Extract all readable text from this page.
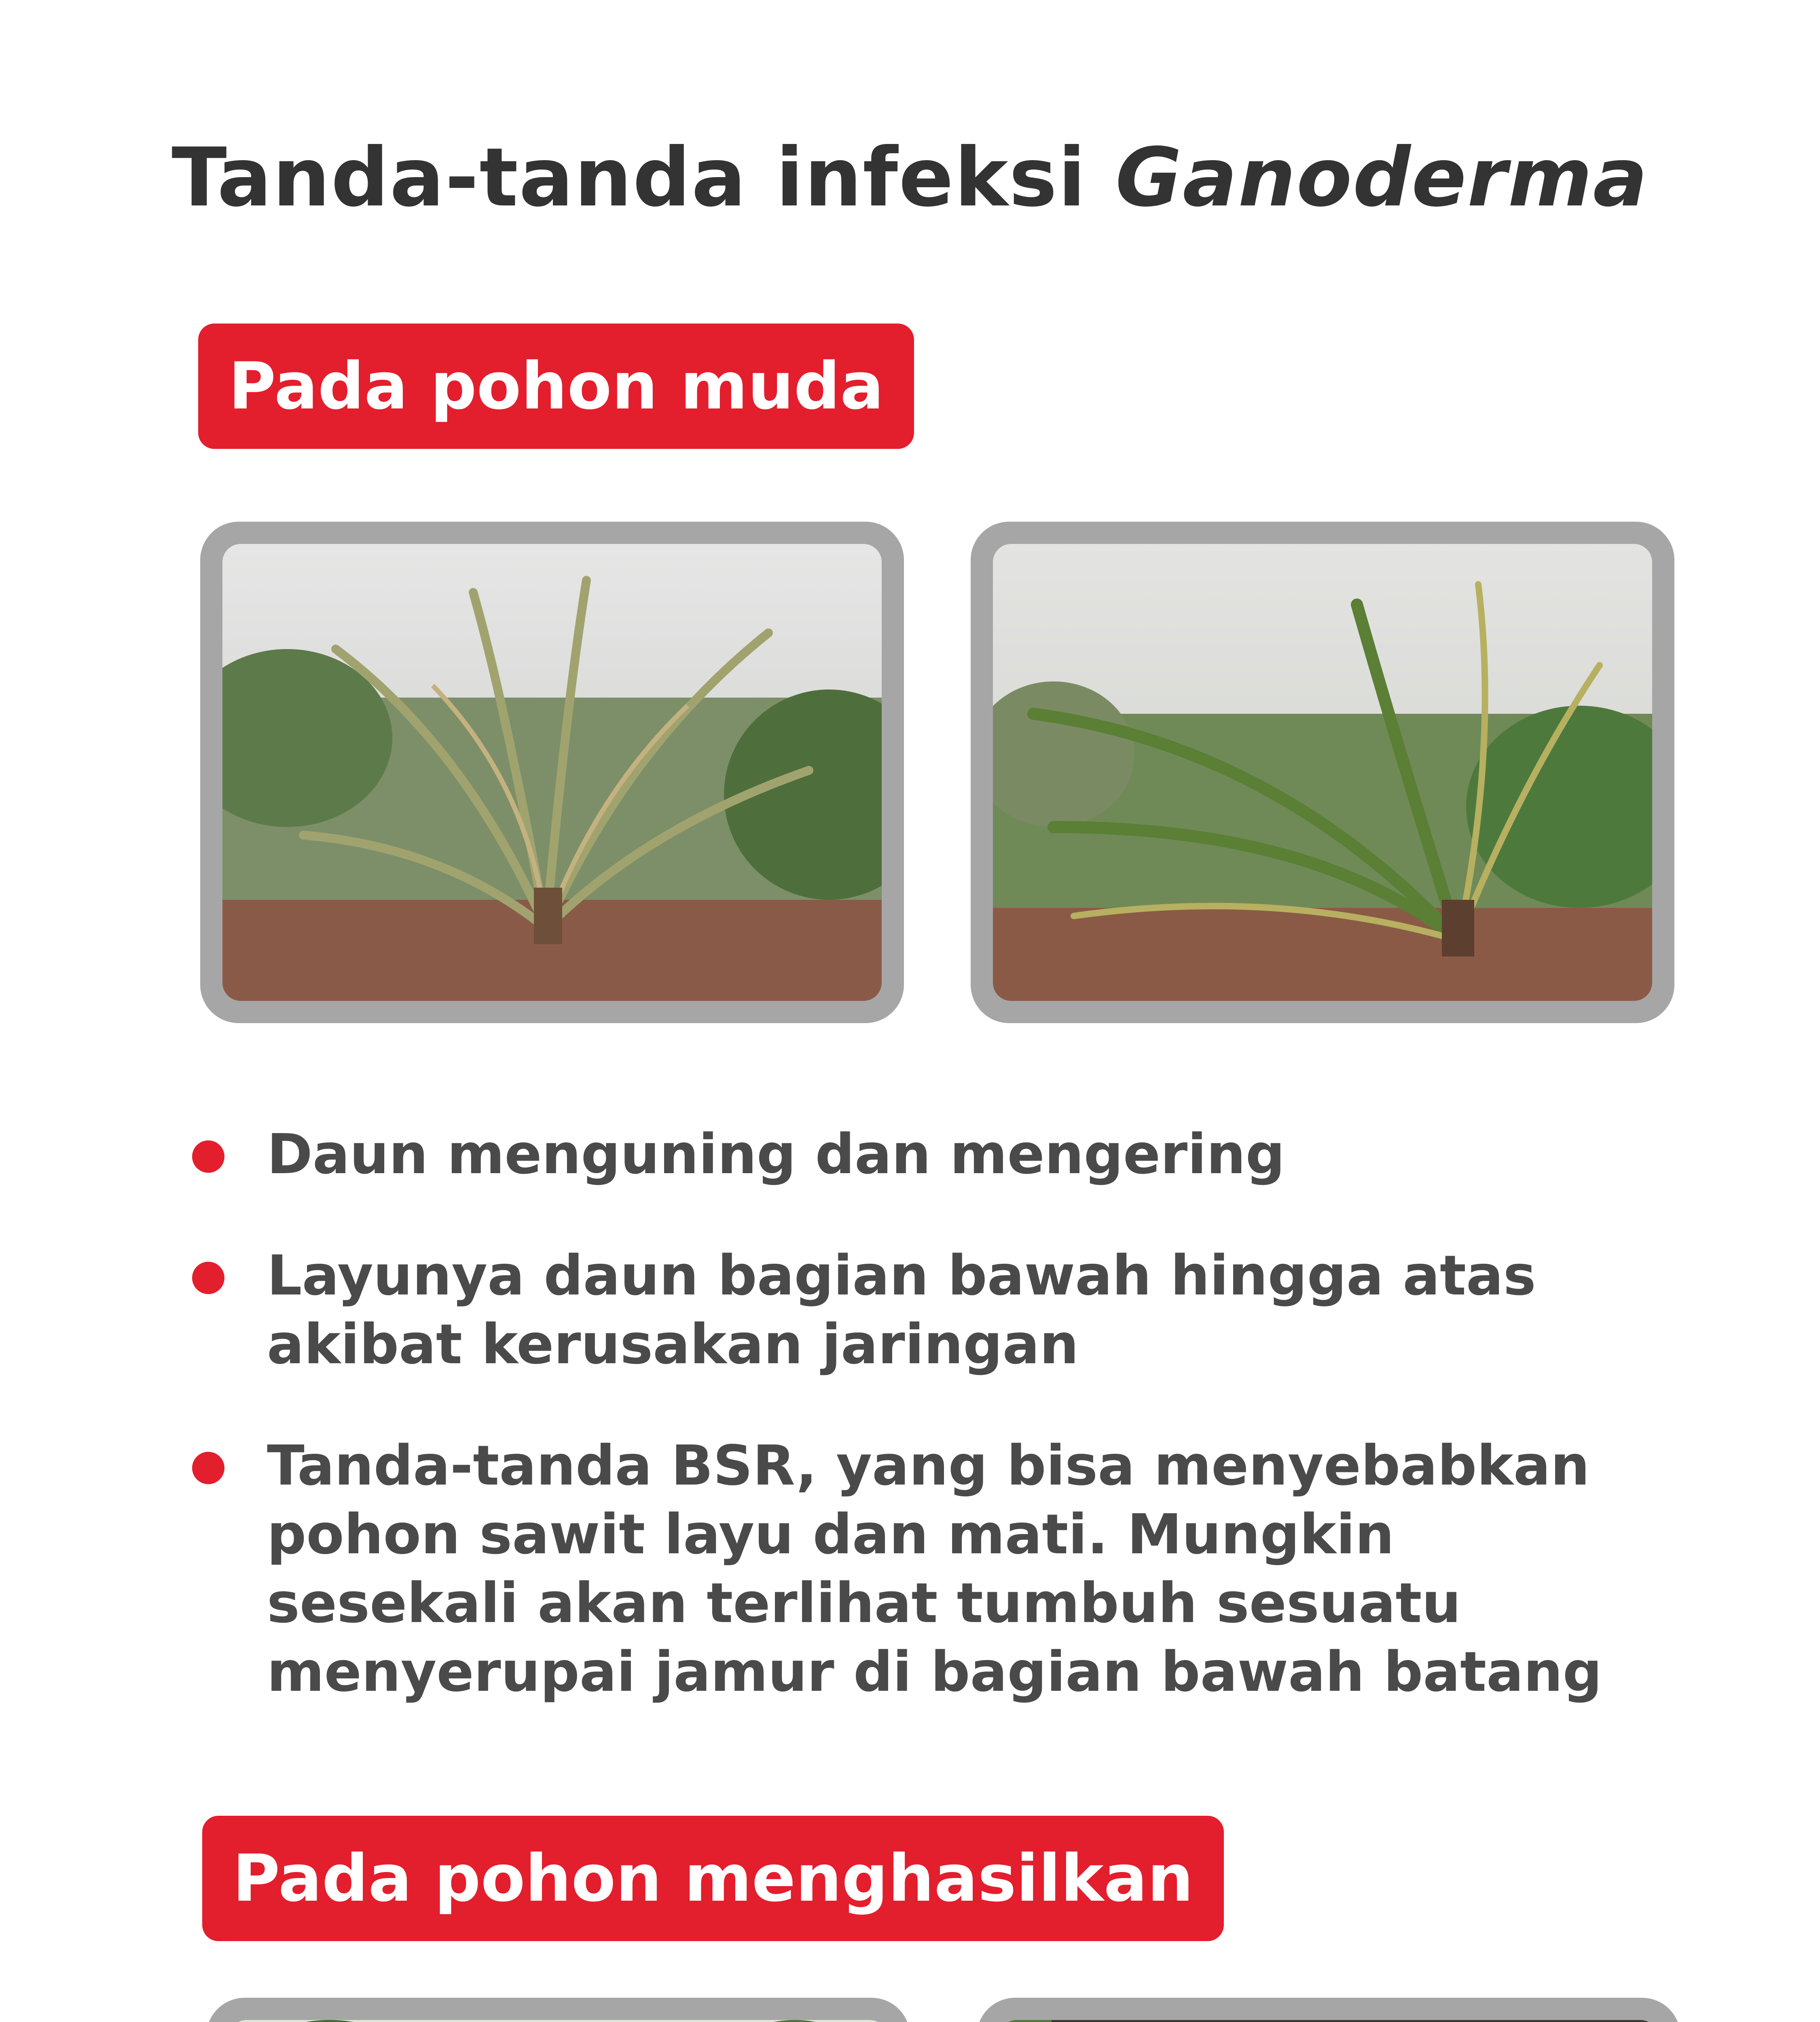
Tanda-tanda infeksi Ganoderma
Pada pohon muda
Daun menguning dan mengering
Layunya daun bagian bawah hingga atas akibat kerusakan jaringan
Tanda-tanda BSR, yang bisa menyebabkan pohon sawit layu dan mati. Mungkin sesekali akan terlihat tumbuh sesuatu menyerupai jamur di bagian bawah batang
Pada pohon menghasilkan
